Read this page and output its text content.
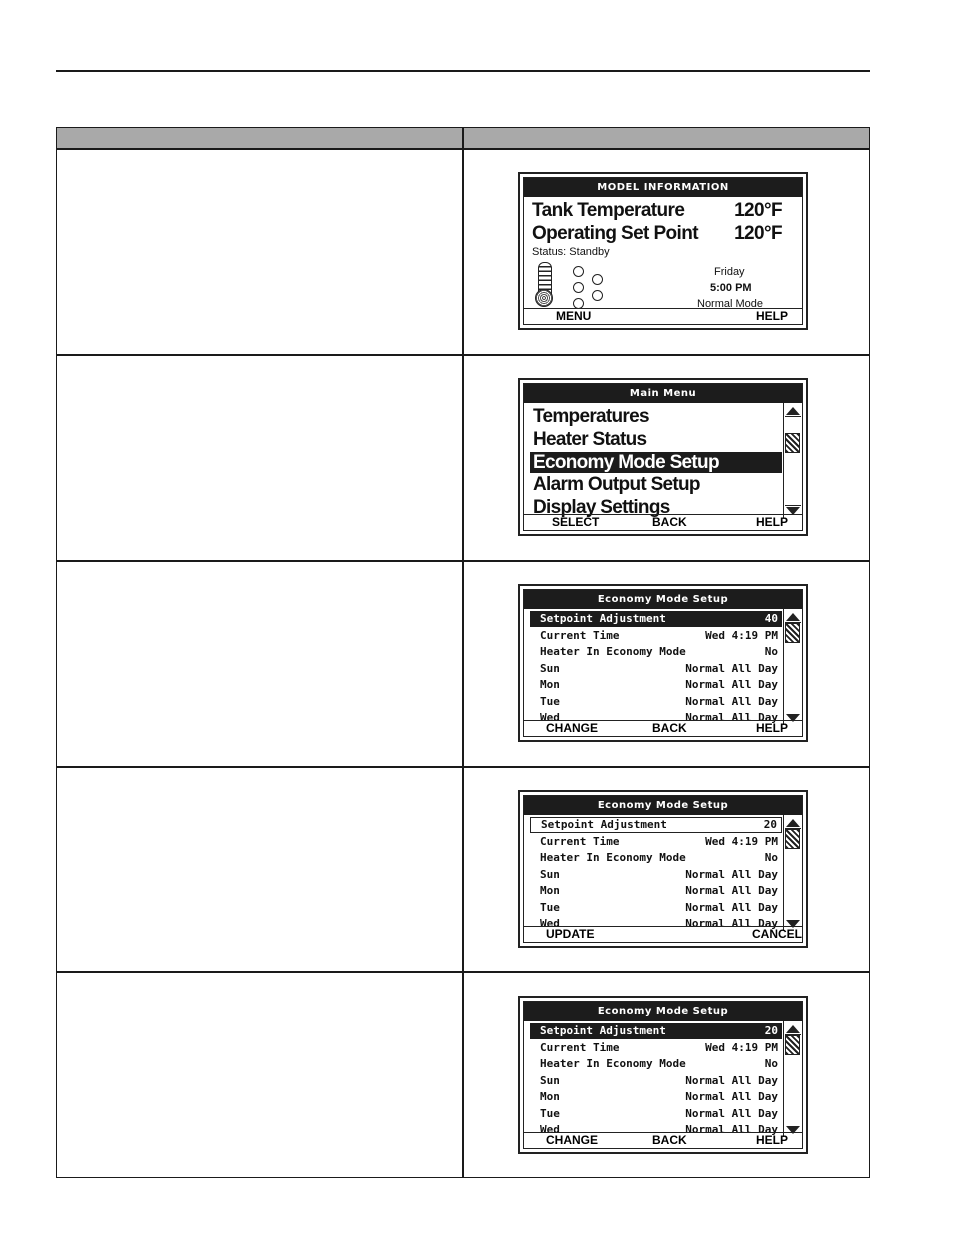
MODEL INFORMATION
Tank Temperature	120°F
Operating Set Point 120°F
Status: Standby
Friday
5:00 PM
Normal Mode
MENU	HELP
Main Menu
Temperatures
Heater Status
Economy Mode Setup
Alarm Output Setup
Display Settings
SELECT	BACK	HELP
Economy Mode Setup
Setpoint Adjustment	40
Current Time	Wed 4:19 PM
Heater In Economy Mode	No
Sun	Normal All Day
Mon	Normal All Day
Tue	Normal All Day
Wed	Normal All Day
CHANGE	BACK	HELP
Economy Mode Setup
Setpoint Adjustment	20
Current Time	Wed 4:19 PM
Heater In Economy Mode	No
Sun	Normal All Day
Mon	Normal All Day
Tue	Normal All Day
Wed	Normal All Day
UPDATE	CANCEL
Economy Mode Setup
Setpoint Adjustment	20
Current Time	Wed 4:19 PM
Heater In Economy Mode	No
Sun	Normal All Day
Mon	Normal All Day
Tue	Normal All Day
Wed	Normal All Day
CHANGE	BACK	HELP
